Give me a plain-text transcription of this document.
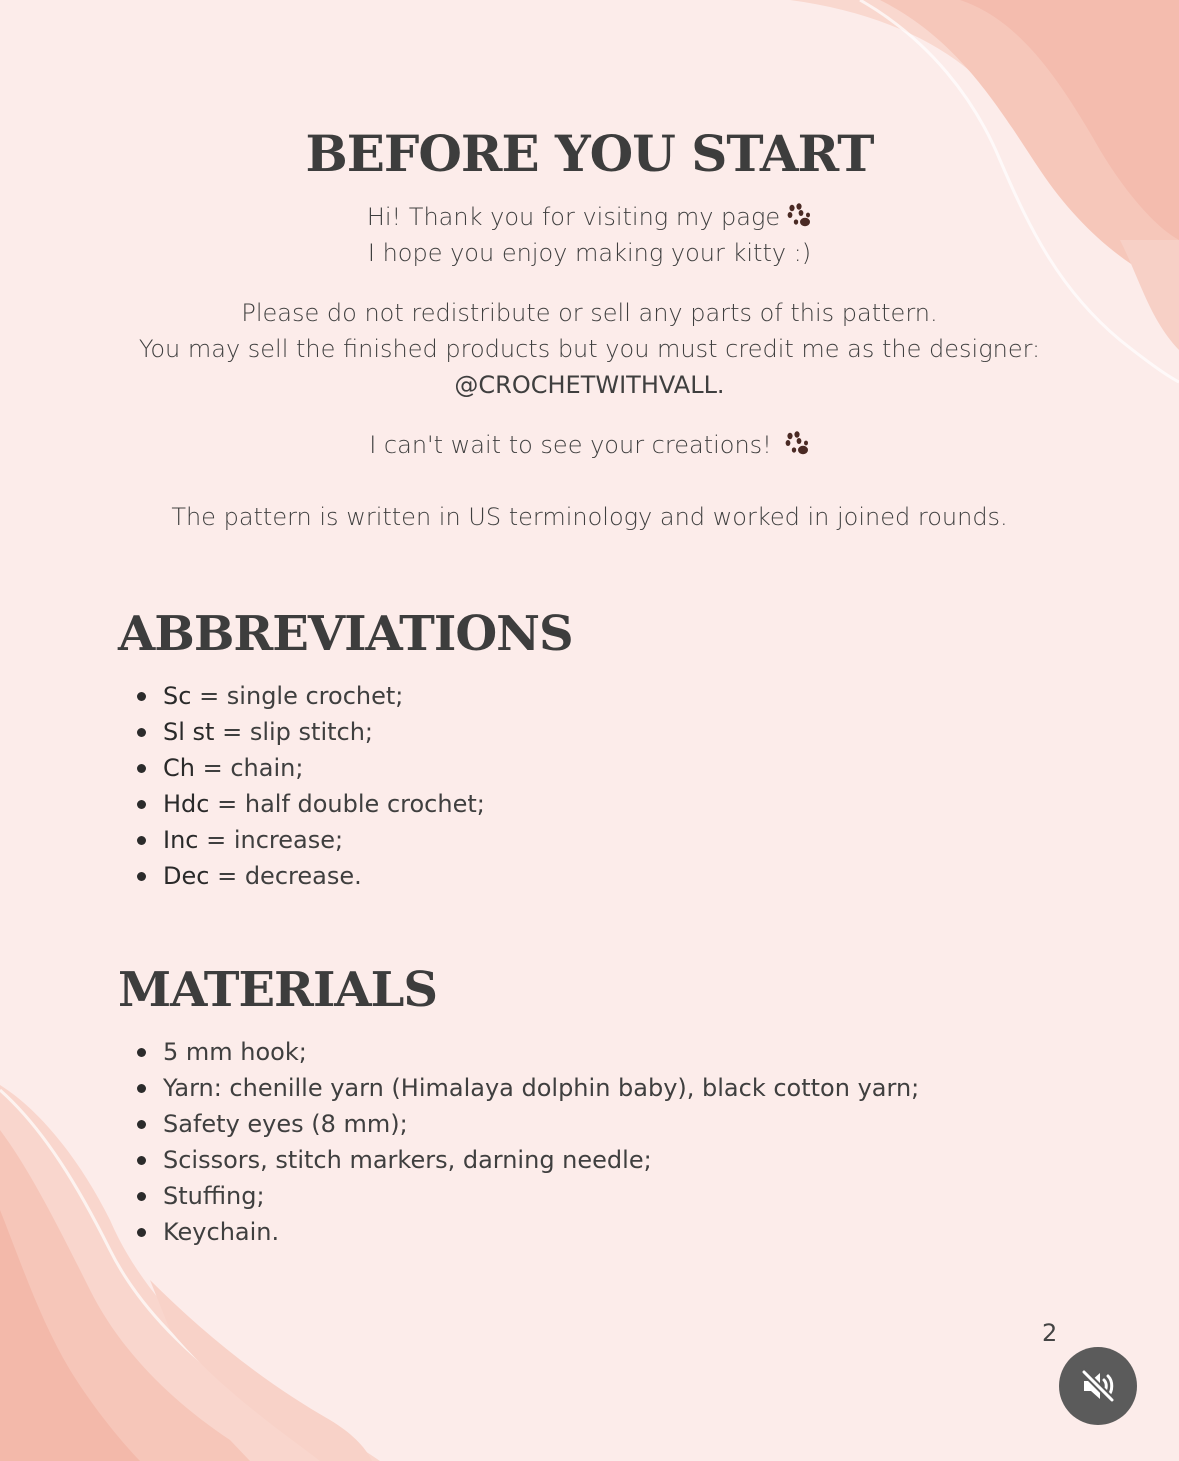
BEFORE YOU START

Hi! Thank you for visiting my page

I hope you enjoy making your kitty :)

Please do not redistribute or sell any parts of this pattern.

You may sell the finished products but you must credit me as the designer:

@CROCHETWITHVALL.

I can't wait to see your creations!

The pattern is written in US terminology and worked in joined rounds.

ABBREVIATIONS
Sc = single crochet;
Sl st = slip stitch;
Ch = chain;
Hdc = half double crochet;
Inc = increase;
Dec = decrease.
MATERIALS
5 mm hook;
Yarn: chenille yarn (Himalaya dolphin baby), black cotton yarn;
Safety eyes (8 mm);
Scissors, stitch markers, darning needle;
Stuffing;
Keychain.
2
